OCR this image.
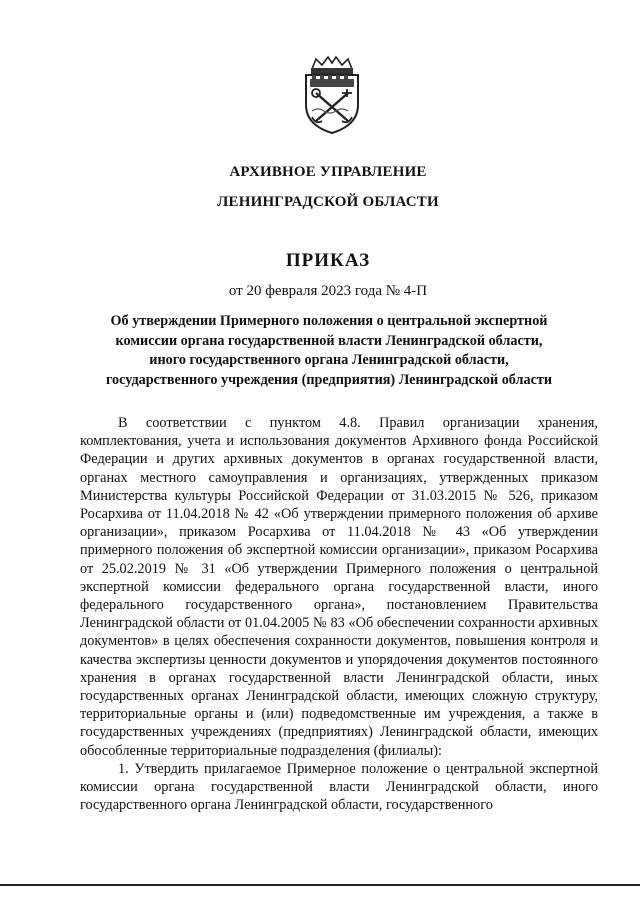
АРХИВНОЕ УПРАВЛЕНИЕ
ЛЕНИНГРАДСКОЙ ОБЛАСТИ
ПРИКАЗ
от 20 февраля 2023 года № 4-П
Об утверждении Примерного положения о центральной экспертной комиссии органа государственной власти Ленинградской области, иного государственного органа Ленинградской области, государственного учреждения (предприятия) Ленинградской области

В соответствии с пунктом 4.8. Правил организации хранения, комплектования, учета и использования документов Архивного фонда Российской Федерации и других архивных документов в органах государственной власти, органах местного самоуправления и организациях, утвержденных приказом Министерства культуры Российской Федерации от 31.03.2015 № 526, приказом Росархива от 11.04.2018 № 42 «Об утверждении примерного положения об архиве организации», приказом Росархива от 11.04.2018 № 43 «Об утверждении примерного положения об экспертной комиссии организации», приказом Росархива от 25.02.2019 № 31 «Об утверждении Примерного положения о центральной экспертной комиссии федерального органа государственной власти, иного федерального государственного органа», постановлением Правительства Ленинградской области от 01.04.2005 № 83 «Об обеспечении сохранности архивных документов» в целях обеспечения сохранности документов, повышения контроля и качества экспертизы ценности документов и упорядочения документов постоянного хранения в органах государственной власти Ленинградской области, иных государственных органах Ленинградской области, имеющих сложную структуру, территориальные органы и (или) подведомственные им учреждения, а также в государственных учреждениях (предприятиях) Ленинградской области, имеющих обособленные территориальные подразделения (филиалы):

1. Утвердить прилагаемое Примерное положение о центральной экспертной комиссии органа государственной власти Ленинградской области, иного государственного органа Ленинградской области, государственного
